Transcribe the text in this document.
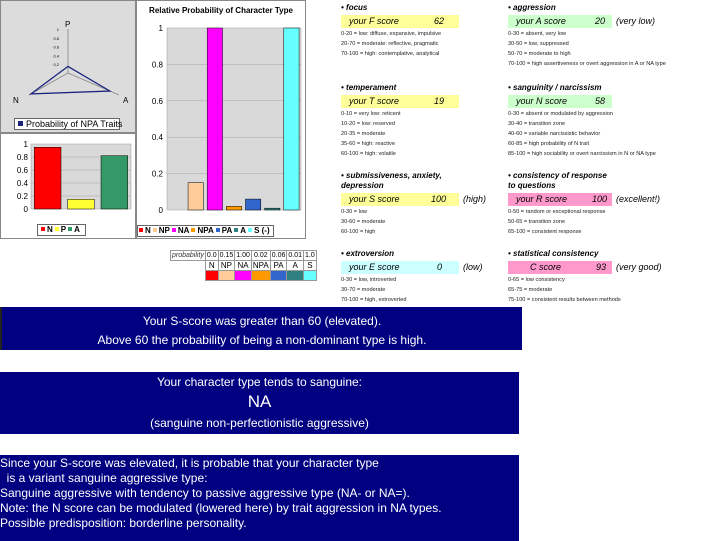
1
0.8
0.6
0.4
0.2
P
N	A
Probability of NPA Traits
1
0.8
0.6
0.4
0.2
0
N P A
Relative Probability of Character Type
1
0.8
0.6
0.4
0.2
0
N NP NA NPA PA A S (-)
probability	0.0	0.15	1.00	0.02	0.06	0.01	1.0
	N	NP	NA	NPA	PA	A	S

• focus
your F score	62
0-20 = low: diffuse, expansive, impulsive
20-70 = moderate: reflective, pragmatic
70-100 = high: contemplative, analytical
• temperament
your T score	19
0-10 = very low: reticent
10-20 = low: reserved
20-35 = moderate
35-60 = high: reactive
60-100 = high: volatile
• submissiveness, anxiety,
depression
your S score	100 (high)
0-30 = low
30-60 = moderate
60-100 = high
• extroversion
your E score	0 (low)
0-30 = low, introverted
30-70 = moderate
70-100 = high, extroverted
• aggression
your A score	20 (very low)
0-30 = absent, very low
30-50 = low, suppressed
50-70 = moderate to high
70-100 = high assertiveness or overt aggression in A or NA type
• sanguinity / narcissism
your N score	58
0-30 = absent or modulated by aggression
30-40 = transition zone
40-60 = variable narcissistic behavior
60-85 = high probability of N trait
85-100 = high sociability or overt narcissism in N or NA type
• consistency of response
to questions
your R score	100 (excellent!)
0-50 = random or exceptional response
50-65 = transition zone
65-100 = consistent response
• statistical consistency
C score	93 (very good)
0-65 = low consistency
65-75 = moderate
75-100 = consistent results between methods
Your S-score was greater than 60 (elevated).
Above 60 the probability of being a non-dominant type is high.
Your character type tends to sanguine:
NA
(sanguine non-perfectionistic aggressive)
Since your S-score was elevated, it is probable that your character type
is a variant sanguine aggressive type:
Sanguine aggressive with tendency to passive aggressive type (NA- or NA=).
Note: the N score can be modulated (lowered here) by trait aggression in NA types.
Possible predisposition: borderline personality.
